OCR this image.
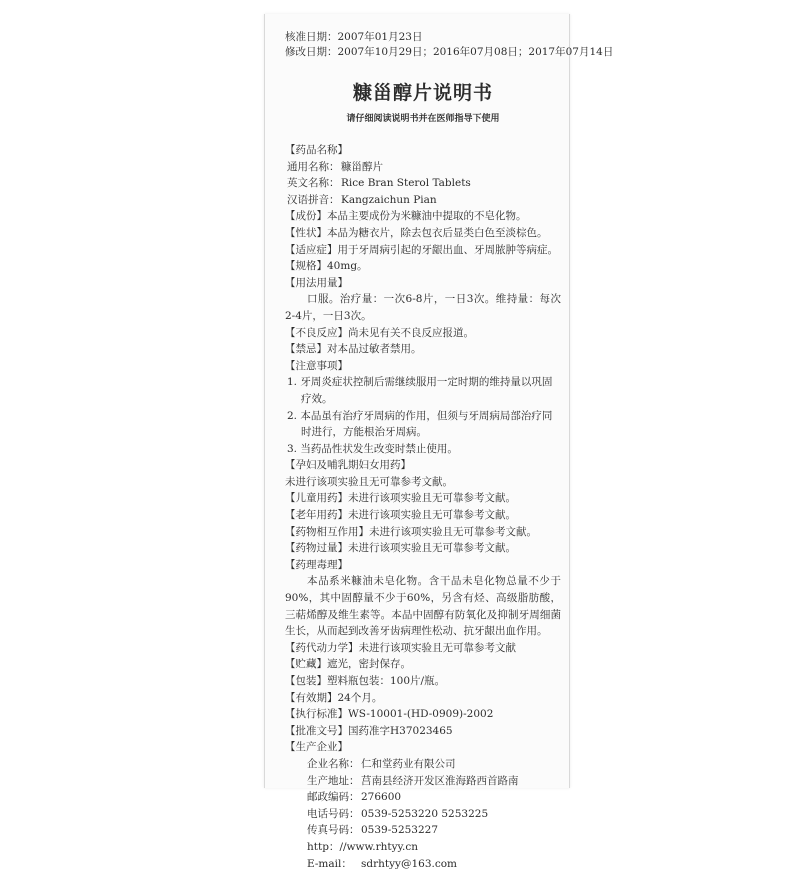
核准日期：2007年01月23日
修改日期：2007年10月29日；2016年07月08日；2017年07月14日
糠甾醇片说明书
请仔细阅读说明书并在医师指导下使用
【药品名称】
通用名称： 糠甾醇片
英文名称： Rice Bran Sterol Tablets
汉语拼音： Kangzaichun Pian
【成份】本品主要成份为米糠油中提取的不皂化物。
【性状】本品为糖衣片，除去包衣后显类白色至淡棕色。
【适应症】用于牙周病引起的牙龈出血、牙周脓肿等病症。
【规格】40mg。
【用法用量】
口服。治疗量：一次6-8片，一日3次。维持量：每次2-4片，一日3次。
【不良反应】尚未见有关不良反应报道。
【禁忌】对本品过敏者禁用。
【注意事项】
1. 牙周炎症状控制后需继续服用一定时期的维持量以巩固疗效。
2. 本品虽有治疗牙周病的作用，但须与牙周病局部治疗同时进行，方能根治牙周病。
3. 当药品性状发生改变时禁止使用。
【孕妇及哺乳期妇女用药】
未进行该项实验且无可靠参考文献。
【儿童用药】未进行该项实验且无可靠参考文献。
【老年用药】未进行该项实验且无可靠参考文献。
【药物相互作用】未进行该项实验且无可靠参考文献。
【药物过量】未进行该项实验且无可靠参考文献。
【药理毒理】
本品系米糠油未皂化物。含干品未皂化物总量不少于90%，其中固醇量不少于60%，另含有烃、高级脂肪酸，三萜烯醇及维生素等。本品中固醇有防氧化及抑制牙周细菌生长，从而起到改善牙齿病理性松动、抗牙龈出血作用。
【药代动力学】未进行该项实验且无可靠参考文献
【贮藏】遮光，密封保存。
【包装】塑料瓶包装：100片/瓶。
【有效期】24个月。
【执行标准】WS-10001-(HD-0909)-2002
【批准文号】国药准字H37023465
【生产企业】
企业名称： 仁和堂药业有限公司
生产地址： 莒南县经济开发区淮海路西首路南
邮政编码： 276600
电话号码： 0539-5253220 5253225
传真号码： 0539-5253227
http：//www.rhtyy.cn
E-mail： sdrhtyy@163.com
